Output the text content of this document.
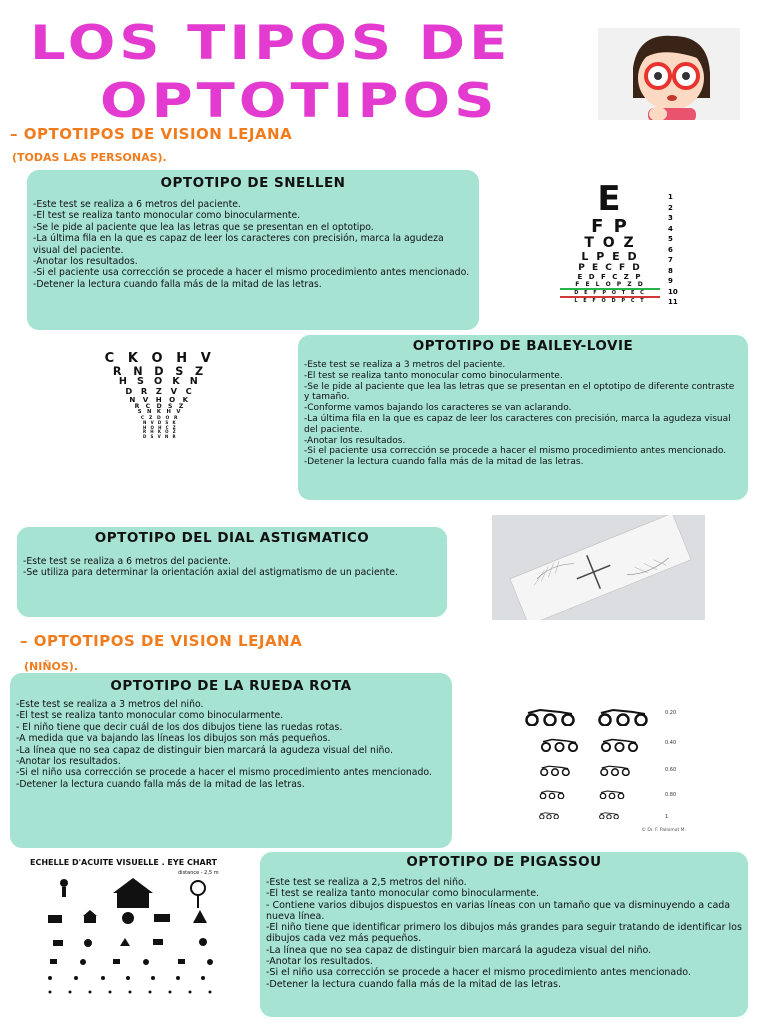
LOS TIPOS DE
OPTOTIPOS
– OPTOTIPOS DE VISION LEJANA
(TODAS LAS PERSONAS).
OPTOTIPO DE SNELLEN
-Este test se realiza a 6 metros del paciente.
-El test se realiza tanto monocular como binocularmente.
-Se le pide al paciente que lea las letras que se presentan en el optotipo.
-La última fila en la que es capaz de leer los caracteres con precisión, marca la agudeza visual del paciente.
-Anotar los resultados.
-Si el paciente usa corrección se procede a hacer el mismo procedimiento antes mencionado.
-Detener la lectura cuando falla más de la mitad de las letras.
E
F P
T O Z
L P E D
P E C F D
E D F C Z P
F E L O P Z D
D E F P O T E C
L E F O D P C T
1
2
3
4
5
6
7
8
9
10
11
C K O H V
R N D S Z
H S O K N
D R Z V C
N V H O K
R C D S Z
S N K H V
C Z D O R
N V D S K
H O H C Z
R H K O Z
D S V N R
OPTOTIPO DE BAILEY-LOVIE
-Este test se realiza a 3 metros del paciente.
-El test se realiza tanto monocular como binocularmente.
-Se le pide al paciente que lea las letras que se presentan en el optotipo de diferente contraste y tamaño.
-Conforme vamos bajando los caracteres se van aclarando.
-La última fila en la que es capaz de leer los caracteres con precisión, marca la agudeza visual del paciente.
-Anotar los resultados.
-Si el paciente usa corrección se procede a hacer el mismo procedimiento antes mencionado.
-Detener la lectura cuando falla más de la mitad de las letras.
OPTOTIPO DEL DIAL ASTIGMATICO
-Este test se realiza a 6 metros del paciente.
-Se utiliza para determinar la orientación axial del astigmatismo de un paciente.
– OPTOTIPOS DE VISION LEJANA
(NIÑOS).
OPTOTIPO DE LA RUEDA ROTA
-Este test se realiza a 3 metros del niño.
-El test se realiza tanto monocular como binocularmente.
- El niño tiene que decir cuál de los dos dibujos tiene las ruedas rotas.
-A medida que va bajando las líneas los dibujos son más pequeños.
-La línea que no sea capaz de distinguir bien marcará la agudeza visual del niño.
-Anotar los resultados.
-Si el niño usa corrección se procede a hacer el mismo procedimiento antes mencionado.
-Detener la lectura cuando falla más de la mitad de las letras.
0.20
0.40
0.60
0.80
1
© Dr. F. Pallomat M.
ECHELLE D'ACUITE VISUELLE . EYE CHART
distance - 2,5 m
OPTOTIPO DE PIGASSOU
-Este test se realiza a 2,5 metros del niño.
-El test se realiza tanto monocular como binocularmente.
- Contiene varios dibujos dispuestos en varias líneas con un tamaño que va disminuyendo a cada nueva línea.
-El niño tiene que identificar primero los dibujos más grandes para seguir tratando de identificar los dibujos cada vez más pequeños.
-La línea que no sea capaz de distinguir bien marcará la agudeza visual del niño.
-Anotar los resultados.
-Si el niño usa corrección se procede a hacer el mismo procedimiento antes mencionado.
-Detener la lectura cuando falla más de la mitad de las letras.
